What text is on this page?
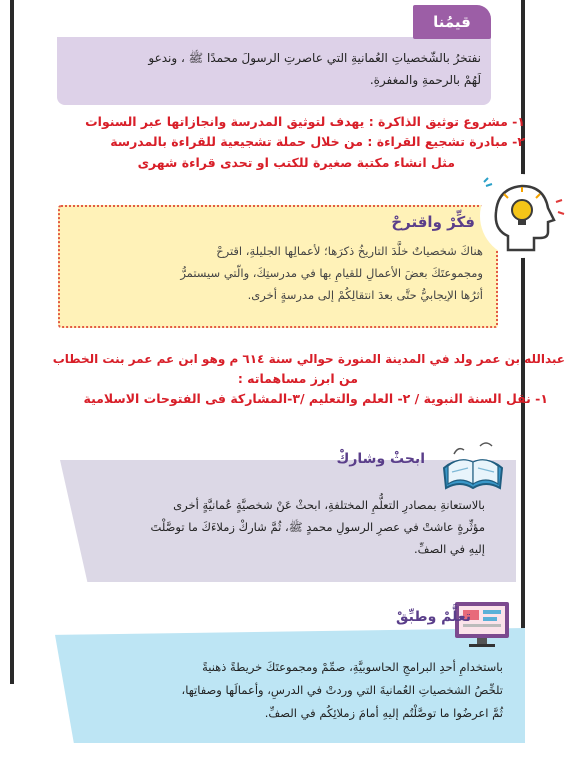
قيمُنا
نفتخرُ بالشّخصياتِ العُمانيةِ التي عاصرتِ الرسولَ محمدًا ﷺ ، وندعو
لَهُمْ بالرحمةِ والمغفرةِ.
١- مشروع توثيق الذاكرة : يهدف لتوثيق المدرسة وانجازاتها عبر السنوات
٢- مبادرة تشجيع القراءة : من خلال حملة تشجيعية للقراءة بالمدرسة
مثل انشاء مكتبة صغيرة للكتب او تحدى قراءة شهرى
فكِّرْ واقترحْ
هناكَ شخصياتٌ خلَّدَ التاريخُ ذكرَها؛ لأعمالِها الجليلةِ، اقترحْ
ومجموعتَكَ بعضَ الأعمالِ للقيامِ بها في مدرستِكَ، والّتي سيستمرُّ
أثرُها الإيجابيُّ حتَّى بعدَ انتقالِكُمْ إلى مدرسةٍ أخرى.
عبدالله بن عمر ولد في المدينة المنورة حوالي سنة ٦١٤ م وهو ابن عم عمر بنت الخطاب
من ابرز مساهماته :
١- نقل السنة النبوية / ٢- العلم والتعليم /٣-المشاركة فى الفتوحات الاسلامية
ابحثْ وشاركْ
بالاستعانةِ بمصادرِ التعلُّمِ المختلفةِ، ابحثْ عَنْ شخصيَّةٍ عُمانيَّةٍ أخرى
مؤثِّرةٍ عاشتْ في عصرِ الرسولِ محمدٍ ﷺ، ثُمَّ شاركْ زملاءَكَ ما توصَّلْتَ
إليهِ في الصفِّ.
تعلَّمْ وطبِّقْ
باستخدامِ أحدِ البرامجِ الحاسوبيَّةِ، صمِّمْ ومجموعتَكَ خريطةً ذهنيةً
تلخِّصُ الشخصياتِ العُمانيةَ التي وردتْ في الدرسِ، وأعمالَها وصفاتِها،
ثُمَّ اعرضُوا ما توصَّلْتُم إليهِ أمامَ زملائِكُم في الصفِّ.
